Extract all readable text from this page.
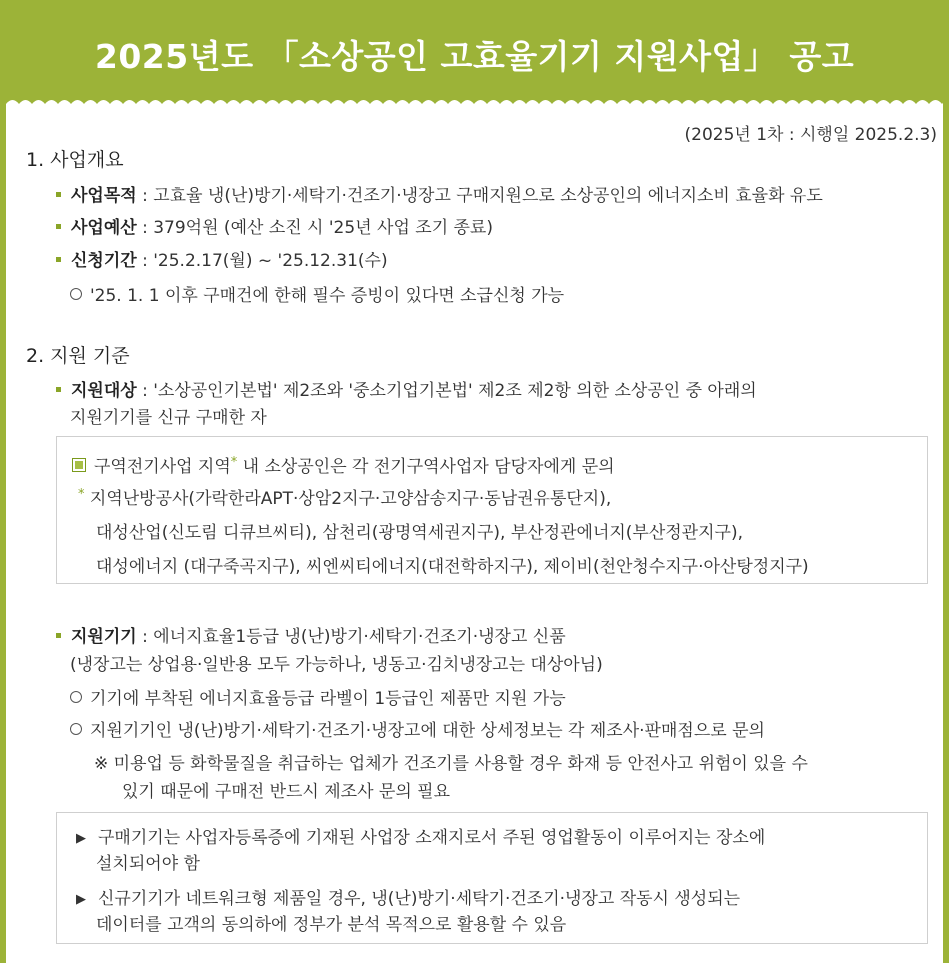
2025년도 「소상공인 고효율기기 지원사업」 공고
(2025년 1차 : 시행일 2025.2.3)
1. 사업개요
사업목적 : 고효율 냉(난)방기·세탁기·건조기·냉장고 구매지원으로 소상공인의 에너지소비 효율화 유도
사업예산 : 379억원 (예산 소진 시 '25년 사업 조기 종료)
신청기간 : '25.2.17(월) ~ '25.12.31(수)
'25. 1. 1 이후 구매건에 한해 필수 증빙이 있다면 소급신청 가능
2. 지원 기준
지원대상 : '소상공인기본법' 제2조와 '중소기업기본법' 제2조 제2항 의한 소상공인 중 아래의
지원기기를 신규 구매한 자
구역전기사업 지역* 내 소상공인은 각 전기구역사업자 담당자에게 문의
* 지역난방공사(가락한라APT·상암2지구·고양삼송지구·동남권유통단지),
대성산업(신도림 디큐브씨티), 삼천리(광명역세권지구), 부산정관에너지(부산정관지구),
대성에너지 (대구죽곡지구), 씨엔씨티에너지(대전학하지구), 제이비(천안청수지구·아산탕정지구)
지원기기 : 에너지효율1등급 냉(난)방기·세탁기·건조기·냉장고 신품
(냉장고는 상업용·일반용 모두 가능하나, 냉동고·김치냉장고는 대상아님)
기기에 부착된 에너지효율등급 라벨이 1등급인 제품만 지원 가능
지원기기인 냉(난)방기·세탁기·건조기·냉장고에 대한 상세정보는 각 제조사·판매점으로 문의
※ 미용업 등 화학물질을 취급하는 업체가 건조기를 사용할 경우 화재 등 안전사고 위험이 있을 수
있기 때문에 구매전 반드시 제조사 문의 필요
▶ 구매기기는 사업자등록증에 기재된 사업장 소재지로서 주된 영업활동이 이루어지는 장소에
설치되어야 함
▶ 신규기기가 네트워크형 제품일 경우, 냉(난)방기·세탁기·건조기·냉장고 작동시 생성되는
데이터를 고객의 동의하에 정부가 분석 목적으로 활용할 수 있음
